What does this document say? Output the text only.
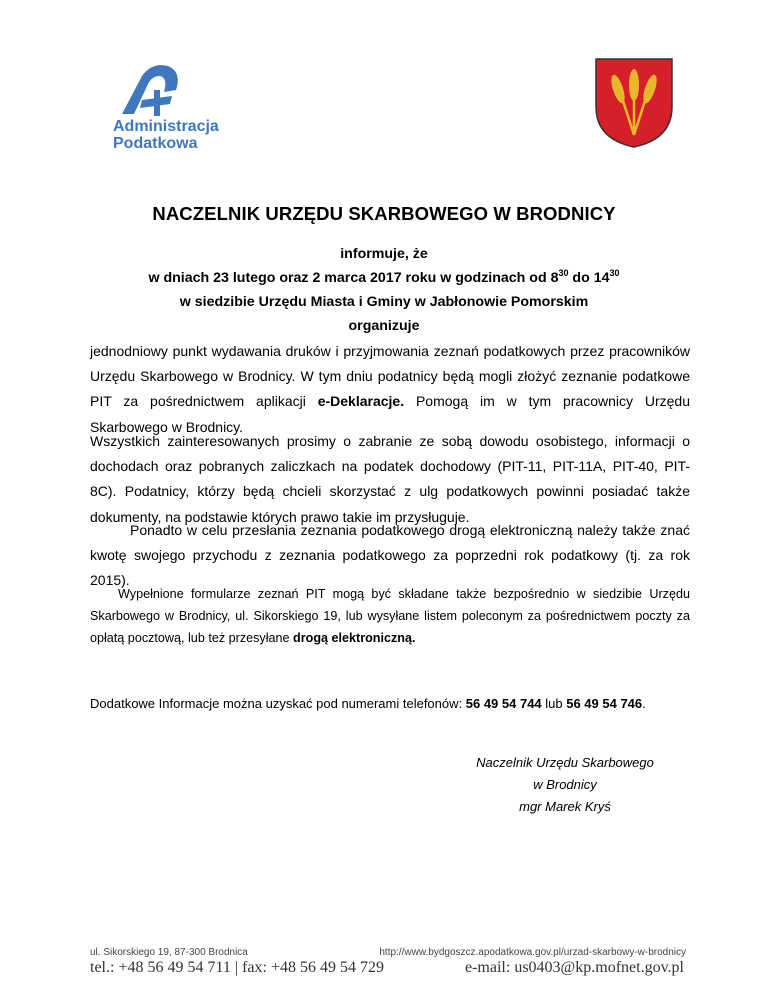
Administracja
Podatkowa
NACZELNIK URZĘDU SKARBOWEGO W BRODNICY
informuje, że
w dniach 23 lutego oraz 2 marca 2017 roku w godzinach od $8^{30}$ do $14^{30}$
w siedzibie Urzędu Miasta i Gminy w Jabłonowie Pomorskim
organizuje
jednodniowy punkt wydawania druków i przyjmowania zeznań podatkowych przez pracowników Urzędu Skarbowego w Brodnicy. W tym dniu podatnicy będą mogli złożyć zeznanie podatkowe PIT za pośrednictwem aplikacji e-Deklaracje. Pomogą im w tym pracownicy Urzędu Skarbowego w Brodnicy.
Wszystkich zainteresowanych prosimy o zabranie ze sobą dowodu osobistego, informacji o dochodach oraz pobranych zaliczkach na podatek dochodowy (PIT-11, PIT-11A, PIT-40, PIT-8C). Podatnicy, którzy będą chcieli skorzystać z ulg podatkowych powinni posiadać także dokumenty, na podstawie których prawo takie im przysługuje.
Ponadto w celu przesłania zeznania podatkowego drogą elektroniczną należy także znać kwotę swojego przychodu z zeznania podatkowego za poprzedni rok podatkowy (tj. za rok 2015).
Wypełnione formularze zeznań PIT mogą być składane także bezpośrednio w siedzibie Urzędu Skarbowego w Brodnicy, ul. Sikorskiego 19, lub wysyłane listem poleconym za pośrednictwem poczty za opłatą pocztową, lub też przesyłane drogą elektroniczną.
Dodatkowe Informacje można uzyskać pod numerami telefonów: 56 49 54 744 lub 56 49 54 746.
Naczelnik Urzędu Skarbowego
w Brodnicy
mgr Marek Kryś
ul. Sikorskiego 19, 87-300 Brodnica	http://www.bydgoszcz.apodatkowa.gov.pl/urzad-skarbowy-w-brodnicy
tel.: +48 56 49 54 711 | fax: +48 56 49 54 729	e-mail: us0403@kp.mofnet.gov.pl
